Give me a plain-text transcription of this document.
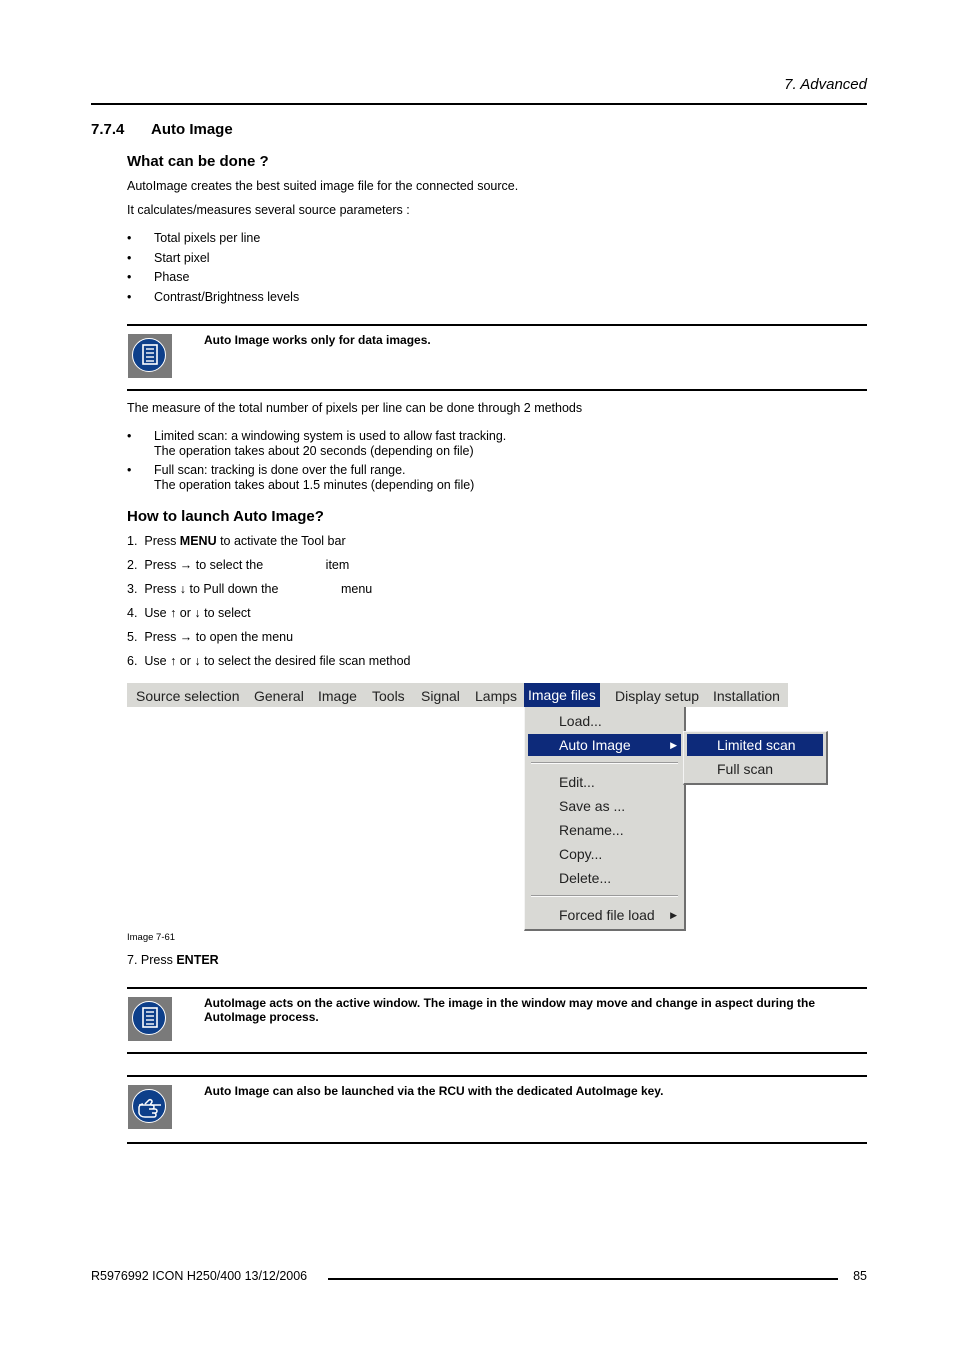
7. Advanced
7.7.4 Auto Image
What can be done ?
AutoImage creates the best suited image file for the connected source.
It calculates/measures several source parameters :
• Total pixels per line
• Start pixel
• Phase
• Contrast/Brightness levels
Auto Image works only for data images.
The measure of the total number of pixels per line can be done through 2 methods
• Limited scan: a windowing system is used to allow fast tracking.
The operation takes about 20 seconds (depending on file)
• Full scan: tracking is done over the full range.
The operation takes about 1.5 minutes (depending on file)
How to launch Auto Image?
1.  Press MENU to activate the Tool bar
2.  Press → to select the                  item
3.  Press ↓ to Pull down the                  menu
4.  Use ↑ or ↓ to select
5.  Press → to open the menu
6.  Use ↑ or ↓ to select the desired file scan method
Source selection General Image Tools Signal Lamps Image files Display setup Installation
Load...
Auto Image	▶
Edit...
Save as ...
Rename...
Copy...
Delete...
Forced file load ▶
Limited scan
Full scan
Image 7-61
7. Press ENTER
AutoImage acts on the active window. The image in the window may move and change in aspect during the AutoImage process.
Auto Image can also be launched via the RCU with the dedicated AutoImage key.
R5976992 ICON H250/400 13/12/2006	85
